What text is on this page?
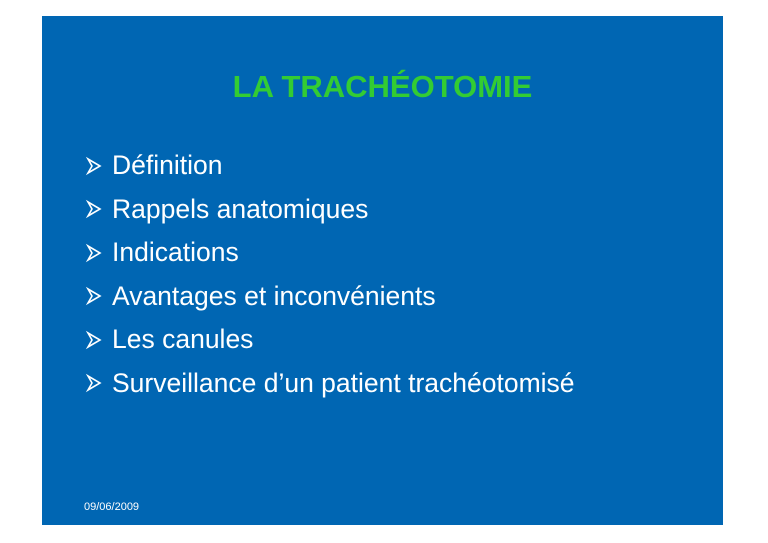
LA TRACHÉOTOMIE
Définition
Rappels anatomiques
Indications
Avantages et inconvénients
Les canules
Surveillance d’un patient trachéotomisé
09/06/2009
